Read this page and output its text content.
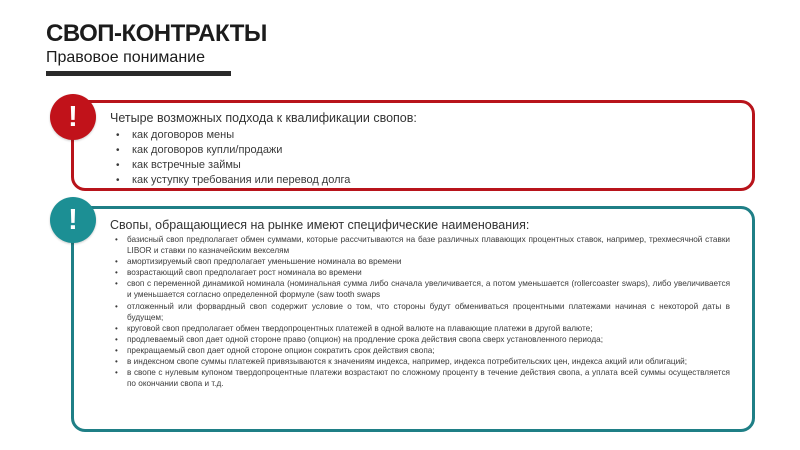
СВОП-КОНТРАКТЫ
Правовое понимание
Четыре возможных подхода к квалификации свопов:
• как договоров мены
• как договоров купли/продажи
• как встречные займы
• как уступку требования или перевод долга
!
Свопы, обращающиеся на рынке имеют специфические наименования:
• базисный своп предполагает обмен суммами, которые рассчитываются на базе различных плавающих процентных ставок, например, трехмесячной ставки LIBOR и ставки по казначейским векселям
• амортизируемый своп предполагает уменьшение номинала во времени
• возрастающий своп предполагает рост номинала во времени
• своп с переменной динамикой номинала (номинальная сумма либо сначала увеличивается, а потом уменьшается (rollercoaster swaps), либо увеличивается и уменьшается согласно определенной формуле (saw tooth swaps
• отложенный или форвардный своп содержит условие о том, что стороны будут обмениваться процентными платежами начиная с некоторой даты в будущем;
• круговой своп предполагает обмен твердопроцентных платежей в одной валюте на плавающие платежи в другой валюте;
• продлеваемый своп дает одной стороне право (опцион) на продление срока действия свопа сверх установленного периода;
• прекращаемый своп дает одной стороне опцион сократить срок действия свопа;
• в индексном свопе суммы платежей привязываются к значениям индекса, например, индекса потребительских цен, индекса акций или облигаций;
• в свопе с нулевым купоном твердопроцентные платежи возрастают по сложному проценту в течение действия свопа, а уплата всей суммы осуществляется по окончании свопа и т.д.
!
